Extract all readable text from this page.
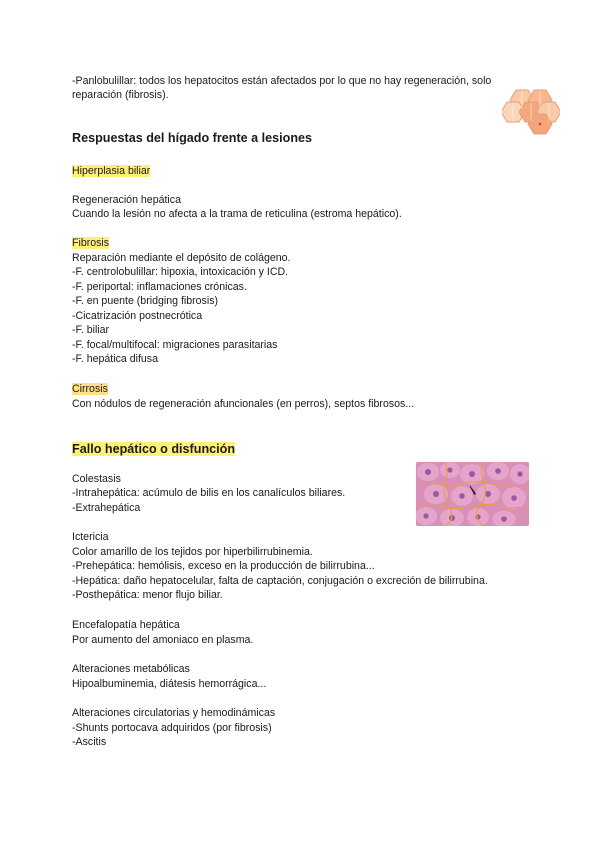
-Panlobulillar: todos los hepatocitos están afectados por lo que no hay regeneración, solo
reparación (fibrosis).
Respuestas del hígado frente a lesiones
Hiperplasia biliar
Regeneración hepática
Cuando la lesión no afecta a la trama de reticulina (estroma hepático).
Fibrosis
Reparación mediante el depósito de colágeno.
-F. centrolobulillar: hipoxia, intoxicación y ICD.
-F. periportal: inflamaciones crónicas.
-F. en puente (bridging fibrosis)
-Cicatrización postnecrótica
-F. biliar
-F. focal/multifocal: migraciones parasitarias
-F. hepática difusa
Cirrosis
Con nódulos de regeneración afuncionales (en perros), septos fibrosos...
Fallo hepático o disfunción
Colestasis
-Intrahepática: acúmulo de bilis en los canalículos biliares.
-Extrahepática
Ictericia
Color amarillo de los tejidos por hiperbilirrubinemia.
-Prehepática: hemólisis, exceso en la producción de bilirrubina...
-Hepática: daño hepatocelular, falta de captación, conjugación o excreción de bilirrubina.
-Posthepática: menor flujo biliar.
Encefalopatía hepática
Por aumento del amoniaco en plasma.
Alteraciones metabólicas
Hipoalbuminemia, diátesis hemorrágica...
Alteraciones circulatorias y hemodinámicas
-Shunts portocava adquiridos (por fibrosis)
-Ascitis
